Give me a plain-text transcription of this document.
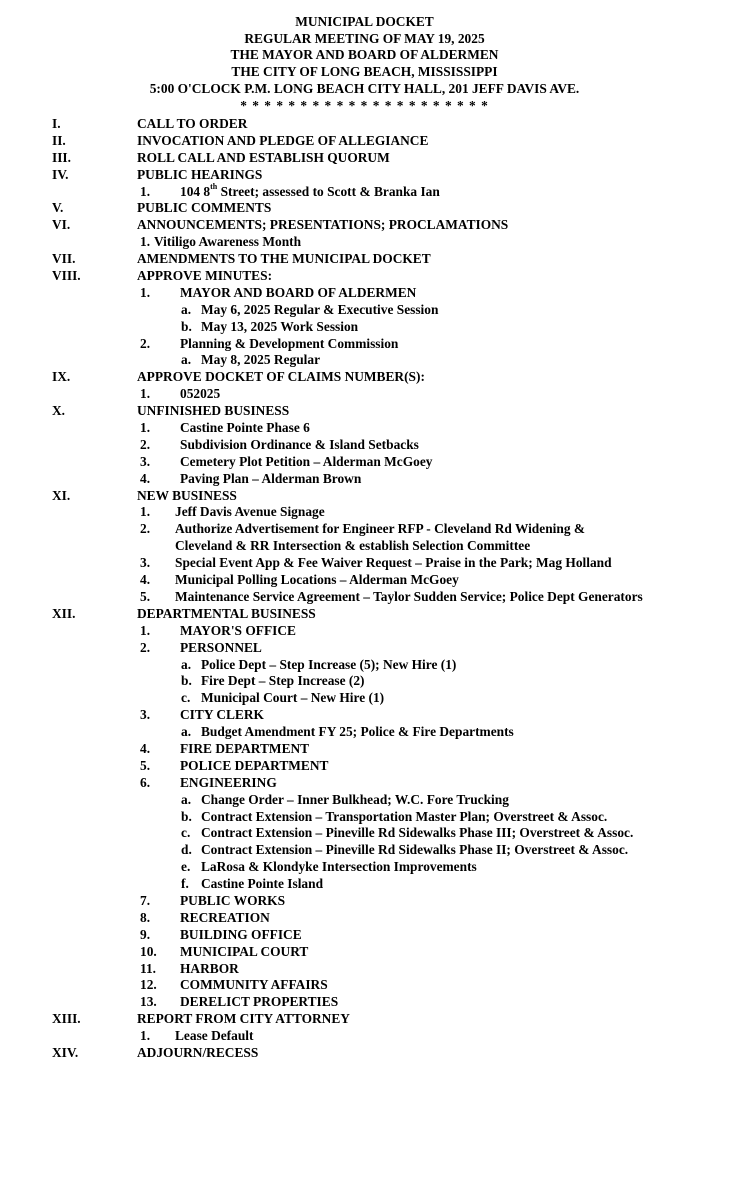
MUNICIPAL DOCKET
REGULAR MEETING OF MAY 19, 2025
THE MAYOR AND BOARD OF ALDERMEN
THE CITY OF LONG BEACH, MISSISSIPPI
5:00 O'CLOCK P.M. LONG BEACH CITY HALL, 201 JEFF DAVIS AVE.
* * * * * * * * * * * * * * * * * * * * *
I.	CALL TO ORDER
II.	INVOCATION AND PLEDGE OF ALLEGIANCE
III.	ROLL CALL AND ESTABLISH QUORUM
IV.	PUBLIC HEARINGS
1. 104 8th Street; assessed to Scott & Branka Ian
V.	PUBLIC COMMENTS
VI.	ANNOUNCEMENTS; PRESENTATIONS; PROCLAMATIONS
1. Vitiligo Awareness Month
VII.	AMENDMENTS TO THE MUNICIPAL DOCKET
VIII.	APPROVE MINUTES:
1. MAYOR AND BOARD OF ALDERMEN
a. May 6, 2025 Regular & Executive Session
b. May 13, 2025 Work Session
2. Planning & Development Commission
a. May 8, 2025 Regular
IX.	APPROVE DOCKET OF CLAIMS NUMBER(S):
1. 052025
X.	UNFINISHED BUSINESS
1. Castine Pointe Phase 6
2. Subdivision Ordinance & Island Setbacks
3. Cemetery Plot Petition – Alderman McGoey
4. Paving Plan – Alderman Brown
XI.	NEW BUSINESS
1. Jeff Davis Avenue Signage
2. Authorize Advertisement for Engineer RFP - Cleveland Rd Widening &
Cleveland & RR Intersection & establish Selection Committee
3. Special Event App & Fee Waiver Request – Praise in the Park; Mag Holland
4. Municipal Polling Locations – Alderman McGoey
5. Maintenance Service Agreement – Taylor Sudden Service; Police Dept Generators
XII.	DEPARTMENTAL BUSINESS
1. MAYOR'S OFFICE
2. PERSONNEL
a. Police Dept – Step Increase (5); New Hire (1)
b. Fire Dept – Step Increase (2)
c. Municipal Court – New Hire (1)
3. CITY CLERK
a. Budget Amendment FY 25; Police & Fire Departments
4. FIRE DEPARTMENT
5. POLICE DEPARTMENT
6. ENGINEERING
a. Change Order – Inner Bulkhead; W.C. Fore Trucking
b. Contract Extension – Transportation Master Plan; Overstreet & Assoc.
c. Contract Extension – Pineville Rd Sidewalks Phase III; Overstreet & Assoc.
d. Contract Extension – Pineville Rd Sidewalks Phase II; Overstreet & Assoc.
e. LaRosa & Klondyke Intersection Improvements
f. Castine Pointe Island
7. PUBLIC WORKS
8. RECREATION
9. BUILDING OFFICE
10. MUNICIPAL COURT
11. HARBOR
12. COMMUNITY AFFAIRS
13. DERELICT PROPERTIES
XIII.	REPORT FROM CITY ATTORNEY
1. Lease Default
XIV.	ADJOURN/RECESS
